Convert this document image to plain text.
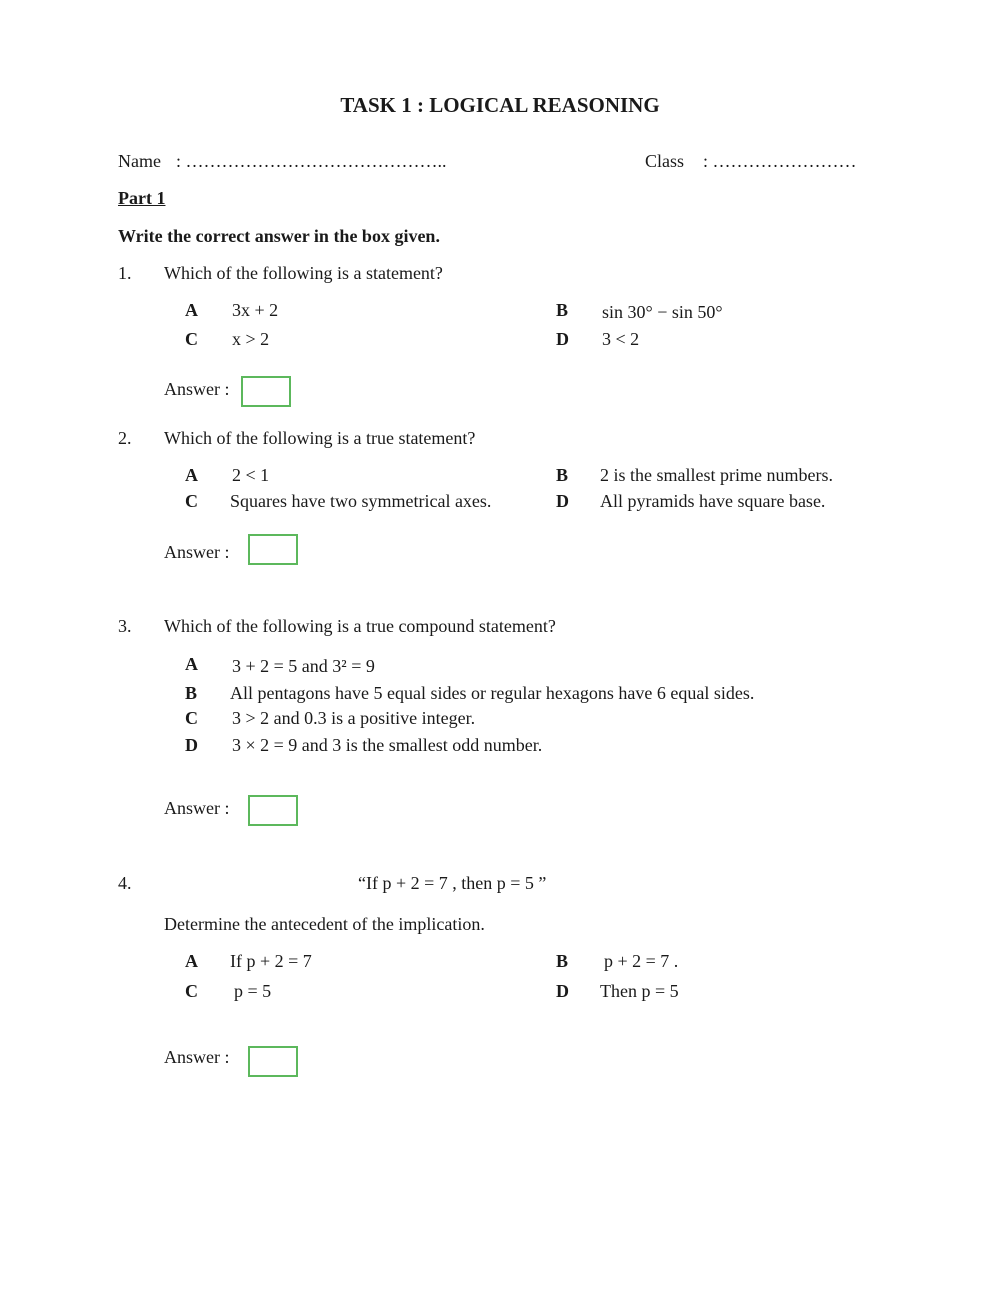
TASK 1 : LOGICAL REASONING
Name : ……………………………………..	Class : ……………………
Part 1
Write the correct answer in the box given.
1. Which of the following is a statement?
A 3x + 2	B sin 30° − sin 50°
C x > 2	D 3 < 2
Answer :
2. Which of the following is a true statement?
A 2 < 1	B 2 is the smallest prime numbers.
C Squares have two symmetrical axes.	D All pyramids have square base.
Answer :
3. Which of the following is a true compound statement?
A 3 + 2 = 5 and 3² = 9
B All pentagons have 5 equal sides or regular hexagons have 6 equal sides.
C 3 > 2 and 0.3 is a positive integer.
D 3 × 2 = 9 and 3 is the smallest odd number.
Answer :
4.	“If p + 2 = 7 , then p = 5 ”
Determine the antecedent of the implication.
A If p + 2 = 7	B p + 2 = 7 .
C p = 5	D Then p = 5
Answer :
